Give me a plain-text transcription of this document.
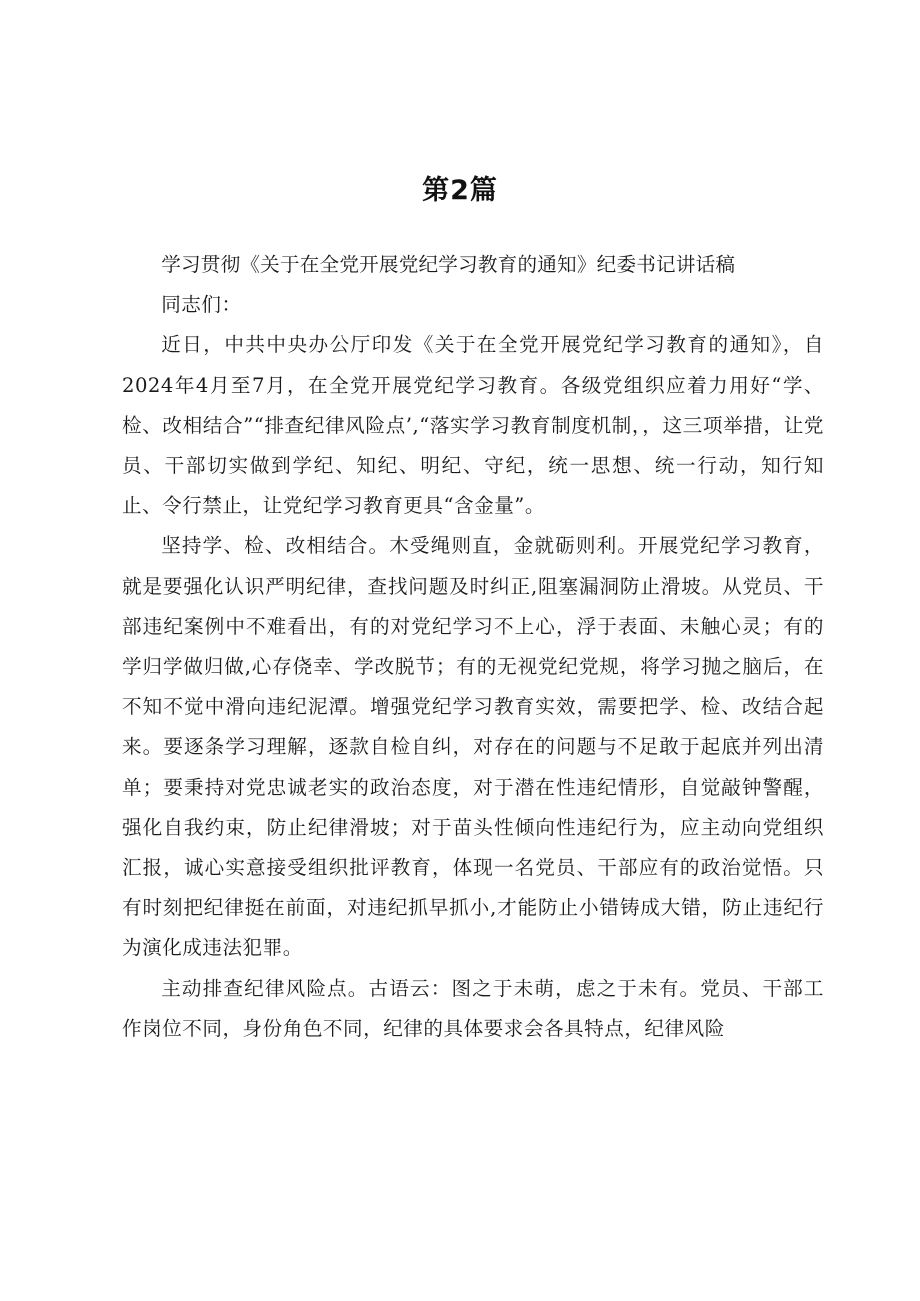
第2篇

学习贯彻《关于在全党开展党纪学习教育的通知》纪委书记讲话稿

同志们：

近日，中共中央办公厅印发《关于在全党开展党纪学习教育的通知》，自2024年4月至7月，在全党开展党纪学习教育。各级党组织应着力用好“学、检、改相结合”“排查纪律风险点’,“落实学习教育制度机制，，这三项举措，让党员、干部切实做到学纪、知纪、明纪、守纪，统一思想、统一行动，知行知止、令行禁止，让党纪学习教育更具“含金量”。

坚持学、检、改相结合。木受绳则直，金就砺则利。开展党纪学习教育，就是要强化认识严明纪律，查找问题及时纠正,阻塞漏洞防止滑坡。从党员、干部违纪案例中不难看出，有的对党纪学习不上心，浮于表面、未触心灵；有的学归学做归做,心存侥幸、学改脱节；有的无视党纪党规，将学习抛之脑后，在不知不觉中滑向违纪泥潭。增强党纪学习教育实效，需要把学、检、改结合起来。要逐条学习理解，逐款自检自纠，对存在的问题与不足敢于起底并列出清单；要秉持对党忠诚老实的政治态度，对于潜在性违纪情形，自觉敲钟警醒，强化自我约束，防止纪律滑坡；对于苗头性倾向性违纪行为，应主动向党组织汇报，诚心实意接受组织批评教育，体现一名党员、干部应有的政治觉悟。只有时刻把纪律挺在前面，对违纪抓早抓小,才能防止小错铸成大错，防止违纪行为演化成违法犯罪。

主动排查纪律风险点。古语云：图之于未萌，虑之于未有。党员、干部工作岗位不同，身份角色不同，纪律的具体要求会各具特点，纪律风险
